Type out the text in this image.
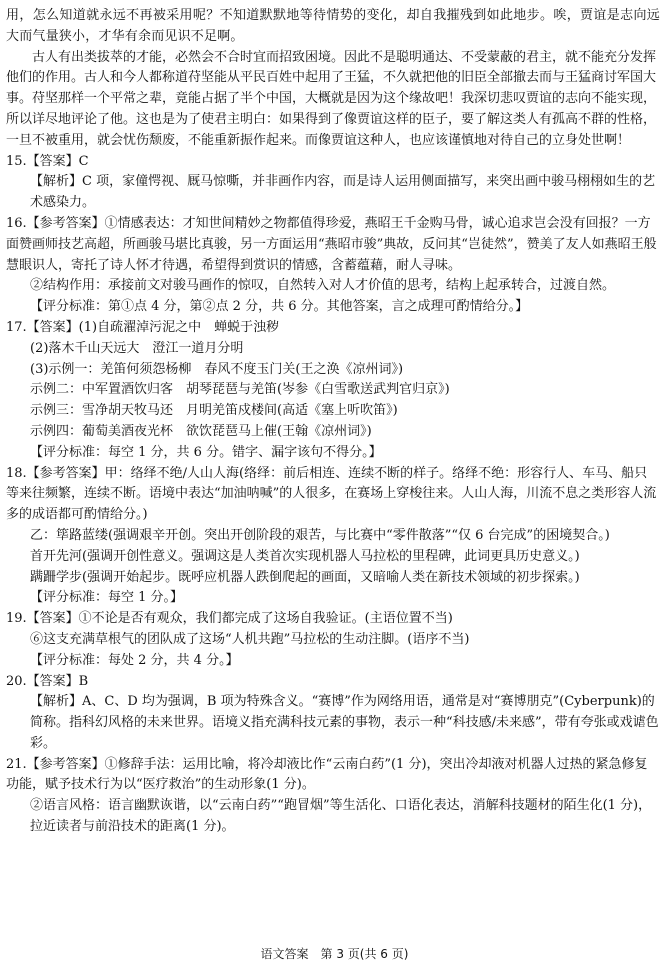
用，怎么知道就永远不再被采用呢？不知道默默地等待情势的变化，却自我摧残到如此地步。唉，贾谊是志向远大而气量狭小，才华有余而见识不足啊。

古人有出类拔萃的才能，必然会不合时宜而招致困境。因此不是聪明通达、不受蒙蔽的君主，就不能充分发挥他们的作用。古人和今人都称道苻坚能从平民百姓中起用了王猛，不久就把他的旧臣全部撤去而与王猛商讨军国大事。苻坚那样一个平常之辈，竟能占据了半个中国，大概就是因为这个缘故吧！我深切悲叹贾谊的志向不能实现，所以详尽地评论了他。这也是为了使君主明白：如果得到了像贾谊这样的臣子，要了解这类人有孤高不群的性格，一旦不被重用，就会忧伤颓废，不能重新振作起来。而像贾谊这种人，也应该谨慎地对待自己的立身处世啊！

15.【答案】C

【解析】C 项，家僮愕视、厩马惊嘶，并非画作内容，而是诗人运用侧面描写，来突出画中骏马栩栩如生的艺术感染力。

16.【参考答案】①情感表达：才知世间精妙之物都值得珍爱，燕昭王千金购马骨，诚心追求岂会没有回报？一方面赞画师技艺高超，所画骏马堪比真骏，另一方面运用“燕昭市骏”典故，反问其“岂徒然”，赞美了友人如燕昭王般慧眼识人，寄托了诗人怀才待遇，希望得到赏识的情感，含蓄蕴藉，耐人寻味。

②结构作用：承接前文对骏马画作的惊叹，自然转入对人才价值的思考，结构上起承转合，过渡自然。

【评分标准：第①点 4 分，第②点 2 分，共 6 分。其他答案，言之成理可酌情给分。】

17.【答案】(1)自疏濯淖污泥之中　蝉蜕于浊秽

(2)落木千山天远大　澄江一道月分明

(3)示例一：羌笛何须怨杨柳　春风不度玉门关(王之涣《凉州词》)

示例二：中军置酒饮归客　胡琴琵琶与羌笛(岑参《白雪歌送武判官归京》)

示例三：雪净胡天牧马还　月明羌笛戍楼间(高适《塞上听吹笛》)

示例四：葡萄美酒夜光杯　欲饮琵琶马上催(王翰《凉州词》)

【评分标准：每空 1 分，共 6 分。错字、漏字该句不得分。】

18.【参考答案】甲：络绎不绝/人山人海(络绎：前后相连、连续不断的样子。络绎不绝：形容行人、车马、船只等来往频繁，连续不断。语境中表达“加油呐喊”的人很多，在赛场上穿梭往来。人山人海，川流不息之类形容人流多的成语都可酌情给分。)

乙：筚路蓝缕(强调艰辛开创。突出开创阶段的艰苦，与比赛中“零件散落”“仅 6 台完成”的困境契合。)

首开先河(强调开创性意义。强调这是人类首次实现机器人马拉松的里程碑，此词更具历史意义。)

蹒跚学步(强调开始起步。既呼应机器人跌倒爬起的画面，又暗喻人类在新技术领域的初步探索。)

【评分标准：每空 1 分。】

19.【答案】①不论是否有观众，我们都完成了这场自我验证。(主语位置不当)

⑥这支充满草根气的团队成了这场“人机共跑”马拉松的生动注脚。(语序不当)

【评分标准：每处 2 分，共 4 分。】

20.【答案】B

【解析】A、C、D 均为强调，B 项为特殊含义。“赛博”作为网络用语，通常是对“赛博朋克”(Cyberpunk)的简称。指科幻风格的未来世界。语境义指充满科技元素的事物，表示一种“科技感/未来感”，带有夸张或戏谑色彩。

21.【参考答案】①修辞手法：运用比喻，将冷却液比作“云南白药”(1 分)，突出冷却液对机器人过热的紧急修复功能，赋予技术行为以“医疗救治”的生动形象(1 分)。

②语言风格：语言幽默诙谐，以“云南白药”“跑冒烟”等生活化、口语化表达，消解科技题材的陌生化(1 分)，拉近读者与前沿技术的距离(1 分)。

语文答案　第 3 页(共 6 页)
